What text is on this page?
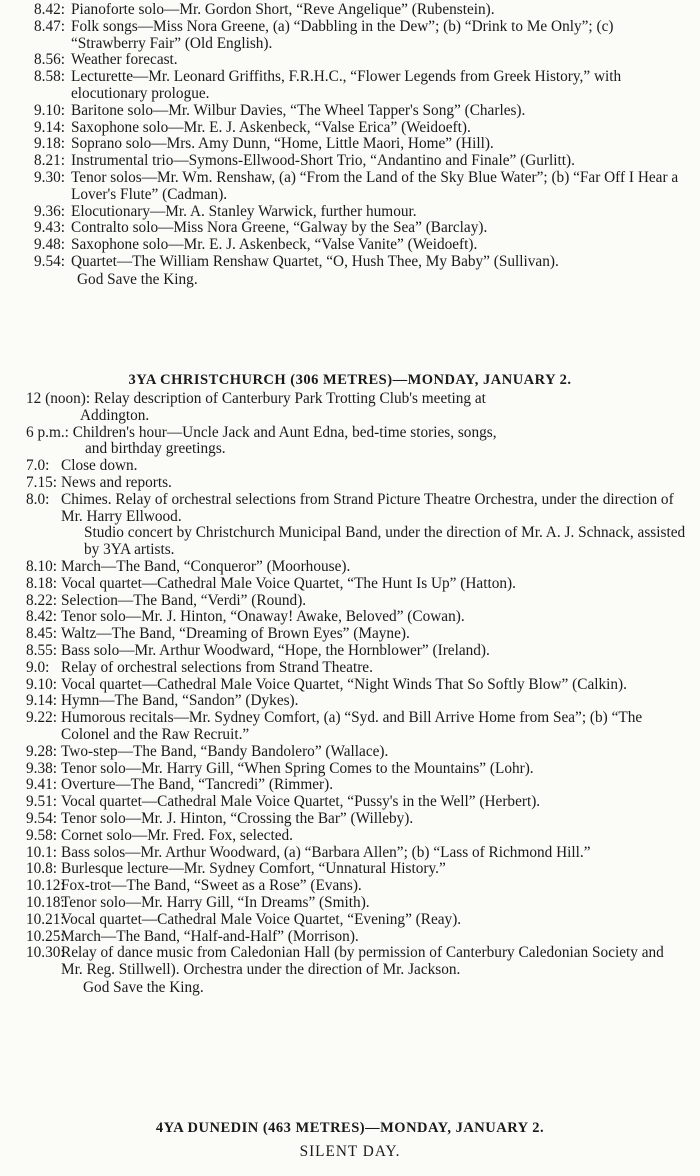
8.42: Pianoforte solo—Mr. Gordon Short, “Reve Angelique” (Rubenstein).
8.47: Folk songs—Miss Nora Greene, (a) “Dabbling in the Dew”; (b) “Drink to Me Only”; (c) “Strawberry Fair” (Old English).
8.56: Weather forecast.
8.58: Lecturette—Mr. Leonard Griffiths, F.R.H.C., “Flower Legends from Greek History,” with elocutionary prologue.
9.10: Baritone solo—Mr. Wilbur Davies, “The Wheel Tapper's Song” (Charles).
9.14: Saxophone solo—Mr. E. J. Askenbeck, “Valse Erica” (Weidoeft).
9.18: Soprano solo—Mrs. Amy Dunn, “Home, Little Maori, Home” (Hill).
8.21: Instrumental trio—Symons-Ellwood-Short Trio, “Andantino and Finale” (Gurlitt).
9.30: Tenor solos—Mr. Wm. Renshaw, (a) “From the Land of the Sky Blue Water”; (b) “Far Off I Hear a Lover's Flute” (Cadman).
9.36: Elocutionary—Mr. A. Stanley Warwick, further humour.
9.43: Contralto solo—Miss Nora Greene, “Galway by the Sea” (Barclay).
9.48: Saxophone solo—Mr. E. J. Askenbeck, “Valse Vanite” (Weidoeft).
9.54: Quartet—The William Renshaw Quartet, “O, Hush Thee, My Baby” (Sullivan).
God Save the King.
3YA CHRISTCHURCH (306 METRES)—MONDAY, JANUARY 2.
12 (noon): Relay description of Canterbury Park Trotting Club's meeting at
Addington.
6 p.m.: Children's hour—Uncle Jack and Aunt Edna, bed-time stories, songs,
and birthday greetings.
7.0: Close down.
7.15: News and reports.
8.0: Chimes. Relay of orchestral selections from Strand Picture Theatre Orchestra, under the direction of Mr. Harry Ellwood.
Studio concert by Christchurch Municipal Band, under the direction of Mr. A. J. Schnack, assisted by 3YA artists.
8.10: March—The Band, “Conqueror” (Moorhouse).
8.18: Vocal quartet—Cathedral Male Voice Quartet, “The Hunt Is Up” (Hatton).
8.22: Selection—The Band, “Verdi” (Round).
8.42: Tenor solo—Mr. J. Hinton, “Onaway! Awake, Beloved” (Cowan).
8.45: Waltz—The Band, “Dreaming of Brown Eyes” (Mayne).
8.55: Bass solo—Mr. Arthur Woodward, “Hope, the Hornblower” (Ireland).
9.0: Relay of orchestral selections from Strand Theatre.
9.10: Vocal quartet—Cathedral Male Voice Quartet, “Night Winds That So Softly Blow” (Calkin).
9.14: Hymn—The Band, “Sandon” (Dykes).
9.22: Humorous recitals—Mr. Sydney Comfort, (a) “Syd. and Bill Arrive Home from Sea”; (b) “The Colonel and the Raw Recruit.”
9.28: Two-step—The Band, “Bandy Bandolero” (Wallace).
9.38: Tenor solo—Mr. Harry Gill, “When Spring Comes to the Mountains” (Lohr).
9.41: Overture—The Band, “Tancredi” (Rimmer).
9.51: Vocal quartet—Cathedral Male Voice Quartet, “Pussy's in the Well” (Herbert).
9.54: Tenor solo—Mr. J. Hinton, “Crossing the Bar” (Willeby).
9.58: Cornet solo—Mr. Fred. Fox, selected.
10.1: Bass solos—Mr. Arthur Woodward, (a) “Barbara Allen”; (b) “Lass of Richmond Hill.”
10.8: Burlesque lecture—Mr. Sydney Comfort, “Unnatural History.”
10.12:
Fox-trot—The Band, “Sweet as a Rose” (Evans).
10.18:
Tenor solo—Mr. Harry Gill, “In Dreams” (Smith).
10.21:
Vocal quartet—Cathedral Male Voice Quartet, “Evening” (Reay).
10.25:
March—The Band, “Half-and-Half” (Morrison).
10.30:
Relay of dance music from Caledonian Hall (by permission of Canterbury Caledonian Society and Mr. Reg. Stillwell). Orchestra under the direction of Mr. Jackson.
God Save the King.
4YA DUNEDIN (463 METRES)—MONDAY, JANUARY 2.
SILENT DAY.
